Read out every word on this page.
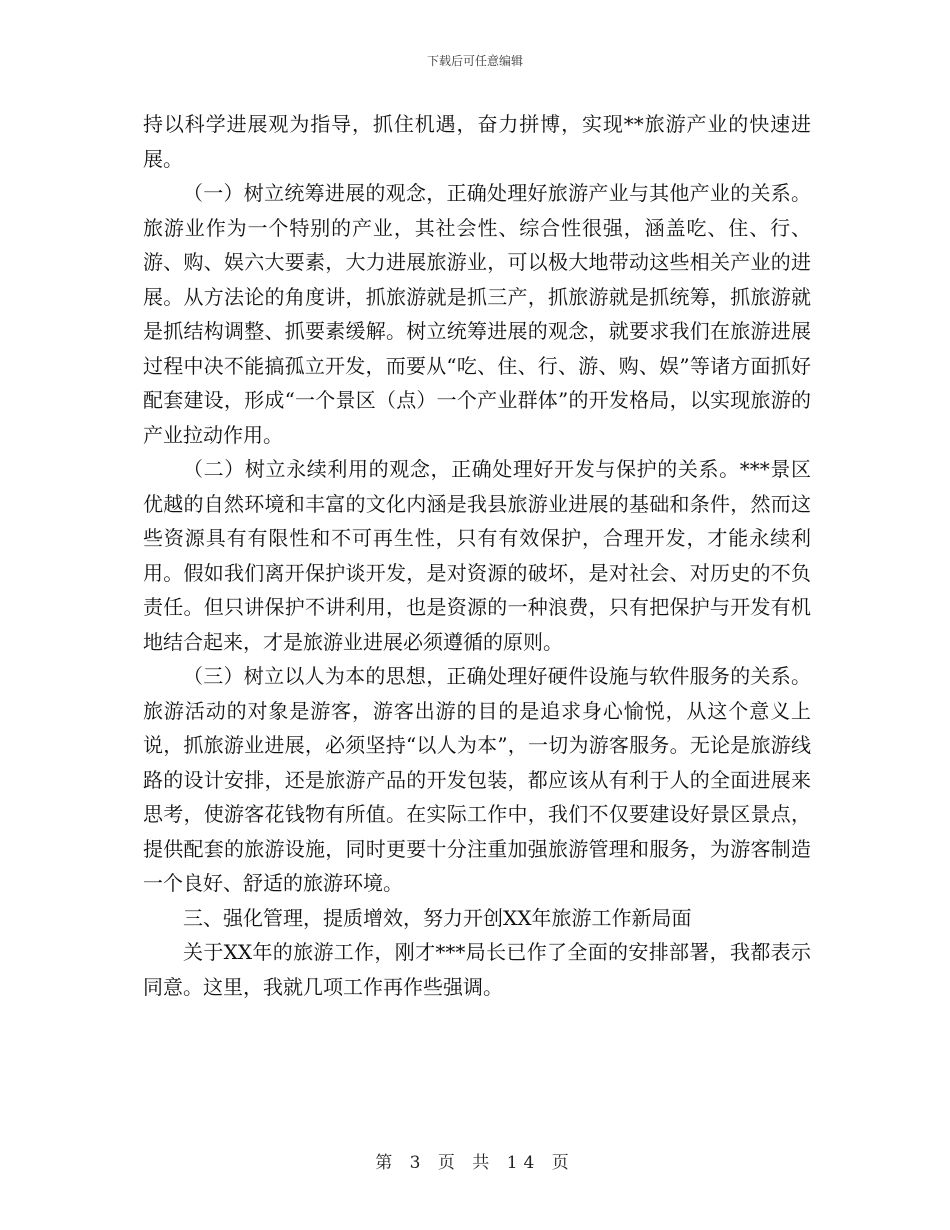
下载后可任意编辑

持以科学进展观为指导，抓住机遇，奋力拼博，实现**旅游产业的快速进展。

（一）树立统筹进展的观念，正确处理好旅游产业与其他产业的关系。旅游业作为一个特别的产业，其社会性、综合性很强，涵盖吃、住、行、游、购、娱六大要素，大力进展旅游业，可以极大地带动这些相关产业的进展。从方法论的角度讲，抓旅游就是抓三产，抓旅游就是抓统筹，抓旅游就是抓结构调整、抓要素缓解。树立统筹进展的观念，就要求我们在旅游进展过程中决不能搞孤立开发，而要从“吃、住、行、游、购、娱”等诸方面抓好配套建设，形成“一个景区（点）一个产业群体”的开发格局，以实现旅游的产业拉动作用。

（二）树立永续利用的观念，正确处理好开发与保护的关系。***景区优越的自然环境和丰富的文化内涵是我县旅游业进展的基础和条件，然而这些资源具有有限性和不可再生性，只有有效保护，合理开发，才能永续利用。假如我们离开保护谈开发，是对资源的破坏，是对社会、对历史的不负责任。但只讲保护不讲利用，也是资源的一种浪费，只有把保护与开发有机地结合起来，才是旅游业进展必须遵循的原则。

（三）树立以人为本的思想，正确处理好硬件设施与软件服务的关系。旅游活动的对象是游客，游客出游的目的是追求身心愉悦，从这个意义上说，抓旅游业进展，必须坚持“以人为本”，一切为游客服务。无论是旅游线路的设计安排，还是旅游产品的开发包装，都应该从有利于人的全面进展来思考，使游客花钱物有所值。在实际工作中，我们不仅要建设好景区景点，提供配套的旅游设施，同时更要十分注重加强旅游管理和服务，为游客制造一个良好、舒适的旅游环境。

三、强化管理，提质增效，努力开创XX年旅游工作新局面

关于XX年的旅游工作，刚才***局长已作了全面的安排部署，我都表示同意。这里，我就几项工作再作些强调。

第 3 页 共 14 页
